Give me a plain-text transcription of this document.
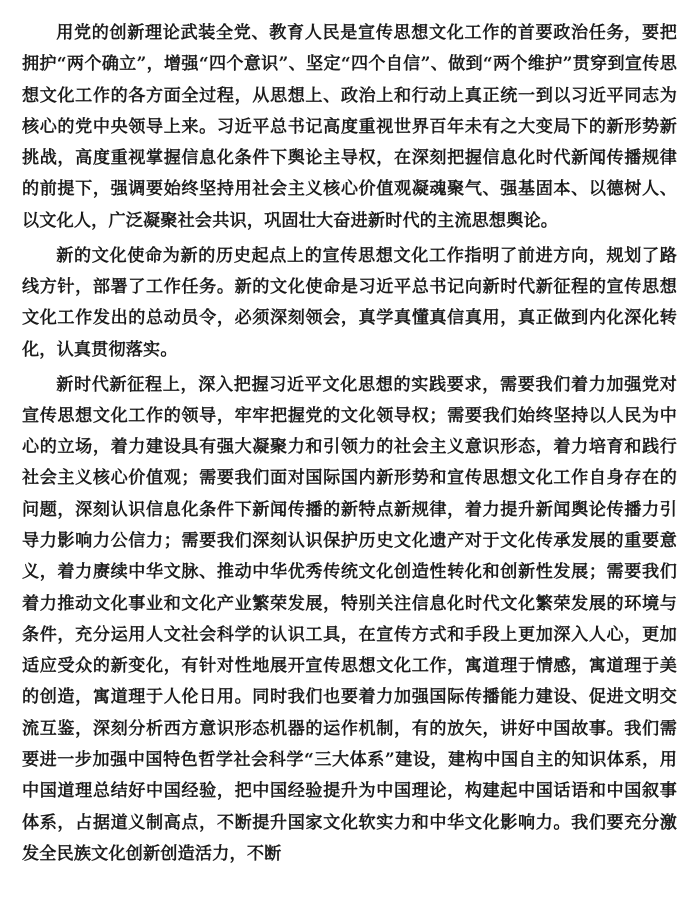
用党的创新理论武装全党、教育人民是宣传思想文化工作的首要政治任务，要把拥护“两个确立”，增强“四个意识”、坚定“四个自信”、做到“两个维护”贯穿到宣传思想文化工作的各方面全过程，从思想上、政治上和行动上真正统一到以习近平同志为核心的党中央领导上来。习近平总书记高度重视世界百年未有之大变局下的新形势新挑战，高度重视掌握信息化条件下舆论主导权，在深刻把握信息化时代新闻传播规律的前提下，强调要始终坚持用社会主义核心价值观凝魂聚气、强基固本、以德树人、以文化人，广泛凝聚社会共识，巩固壮大奋进新时代的主流思想舆论。

新的文化使命为新的历史起点上的宣传思想文化工作指明了前进方向，规划了路线方针，部署了工作任务。新的文化使命是习近平总书记向新时代新征程的宣传思想文化工作发出的总动员令，必须深刻领会，真学真懂真信真用，真正做到内化深化转化，认真贯彻落实。

新时代新征程上，深入把握习近平文化思想的实践要求，需要我们着力加强党对宣传思想文化工作的领导，牢牢把握党的文化领导权；需要我们始终坚持以人民为中心的立场，着力建设具有强大凝聚力和引领力的社会主义意识形态，着力培育和践行社会主义核心价值观；需要我们面对国际国内新形势和宣传思想文化工作自身存在的问题，深刻认识信息化条件下新闻传播的新特点新规律，着力提升新闻舆论传播力引导力影响力公信力；需要我们深刻认识保护历史文化遗产对于文化传承发展的重要意义，着力赓续中华文脉、推动中华优秀传统文化创造性转化和创新性发展；需要我们着力推动文化事业和文化产业繁荣发展，特别关注信息化时代文化繁荣发展的环境与条件，充分运用人文社会科学的认识工具，在宣传方式和手段上更加深入人心，更加适应受众的新变化，有针对性地展开宣传思想文化工作，寓道理于情感，寓道理于美的创造，寓道理于人伦日用。同时我们也要着力加强国际传播能力建设、促进文明交流互鉴，深刻分析西方意识形态机器的运作机制，有的放矢，讲好中国故事。我们需要进一步加强中国特色哲学社会科学“三大体系”建设，建构中国自主的知识体系，用中国道理总结好中国经验，把中国经验提升为中国理论，构建起中国话语和中国叙事体系，占据道义制高点，不断提升国家文化软实力和中华文化影响力。我们要充分激发全民族文化创新创造活力，不断
